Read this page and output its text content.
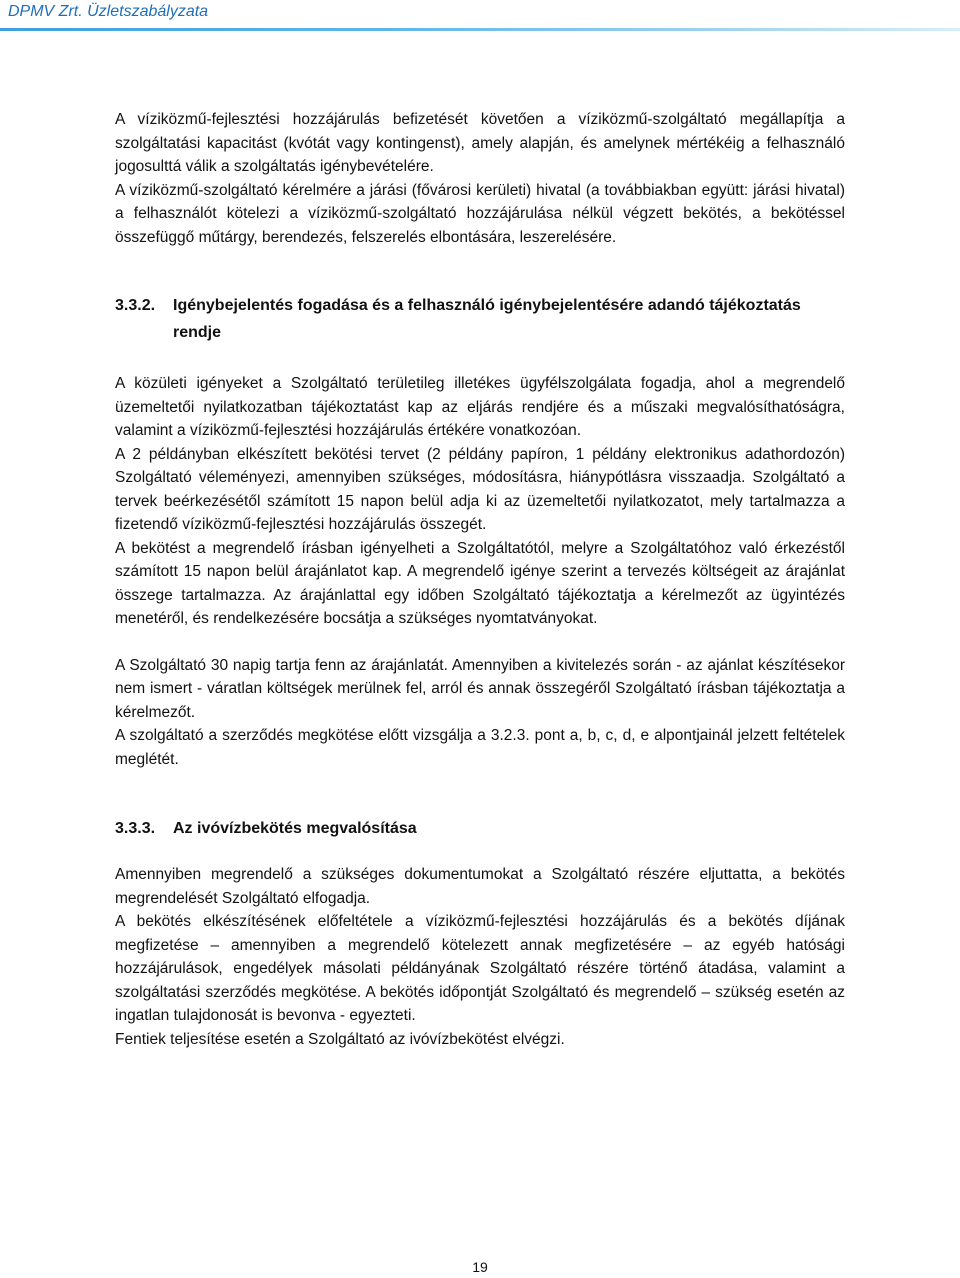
DPMV Zrt. Üzletszabályzata

A víziközmű-fejlesztési hozzájárulás befizetését követően a víziközmű-szolgáltató megállapítja a szolgáltatási kapacitást (kvótát vagy kontingenst), amely alapján, és amelynek mértékéig a felhasználó jogosulttá válik a szolgáltatás igénybevételére.

A víziközmű-szolgáltató kérelmére a járási (fővárosi kerületi) hivatal (a továbbiakban együtt: járási hivatal) a felhasználót kötelezi a víziközmű-szolgáltató hozzájárulása nélkül végzett bekötés, a bekötéssel összefüggő műtárgy, berendezés, felszerelés elbontására, leszerelésére.

3.3.2.	Igénybejelentés fogadása és a felhasználó igénybejelentésére adandó tájékoztatás rendje

A közületi igényeket a Szolgáltató területileg illetékes ügyfélszolgálata fogadja, ahol a megrendelő üzemeltetői nyilatkozatban tájékoztatást kap az eljárás rendjére és a műszaki megvalósíthatóságra, valamint a víziközmű-fejlesztési hozzájárulás értékére vonatkozóan.

A 2 példányban elkészített bekötési tervet (2 példány papíron, 1 példány elektronikus adathordozón) Szolgáltató véleményezi, amennyiben szükséges, módosításra, hiánypótlásra visszaadja. Szolgáltató a tervek beérkezésétől számított 15 napon belül adja ki az üzemeltetői nyilatkozatot, mely tartalmazza a fizetendő víziközmű-fejlesztési hozzájárulás összegét.

A bekötést a megrendelő írásban igényelheti a Szolgáltatótól, melyre a Szolgáltatóhoz való érkezéstől számított 15 napon belül árajánlatot kap. A megrendelő igénye szerint a tervezés költségeit az árajánlat összege tartalmazza. Az árajánlattal egy időben Szolgáltató tájékoztatja a kérelmezőt az ügyintézés menetéről, és rendelkezésére bocsátja a szükséges nyomtatványokat.

A Szolgáltató 30 napig tartja fenn az árajánlatát. Amennyiben a kivitelezés során - az ajánlat készítésekor nem ismert - váratlan költségek merülnek fel, arról és annak összegéről Szolgáltató írásban tájékoztatja a kérelmezőt.

A szolgáltató a szerződés megkötése előtt vizsgálja a 3.2.3. pont a, b, c, d, e alpontjainál jelzett feltételek meglétét.

3.3.3.	Az ivóvízbekötés megvalósítása

Amennyiben megrendelő a szükséges dokumentumokat a Szolgáltató részére eljuttatta, a bekötés megrendelését Szolgáltató elfogadja.

A bekötés elkészítésének előfeltétele a víziközmű-fejlesztési hozzájárulás és a bekötés díjának megfizetése – amennyiben a megrendelő kötelezett annak megfizetésére – az egyéb hatósági hozzájárulások, engedélyek másolati példányának Szolgáltató részére történő átadása, valamint a szolgáltatási szerződés megkötése. A bekötés időpontját Szolgáltató és megrendelő – szükség esetén az ingatlan tulajdonosát is bevonva - egyezteti.

Fentiek teljesítése esetén a Szolgáltató az ivóvízbekötést elvégzi.

19
